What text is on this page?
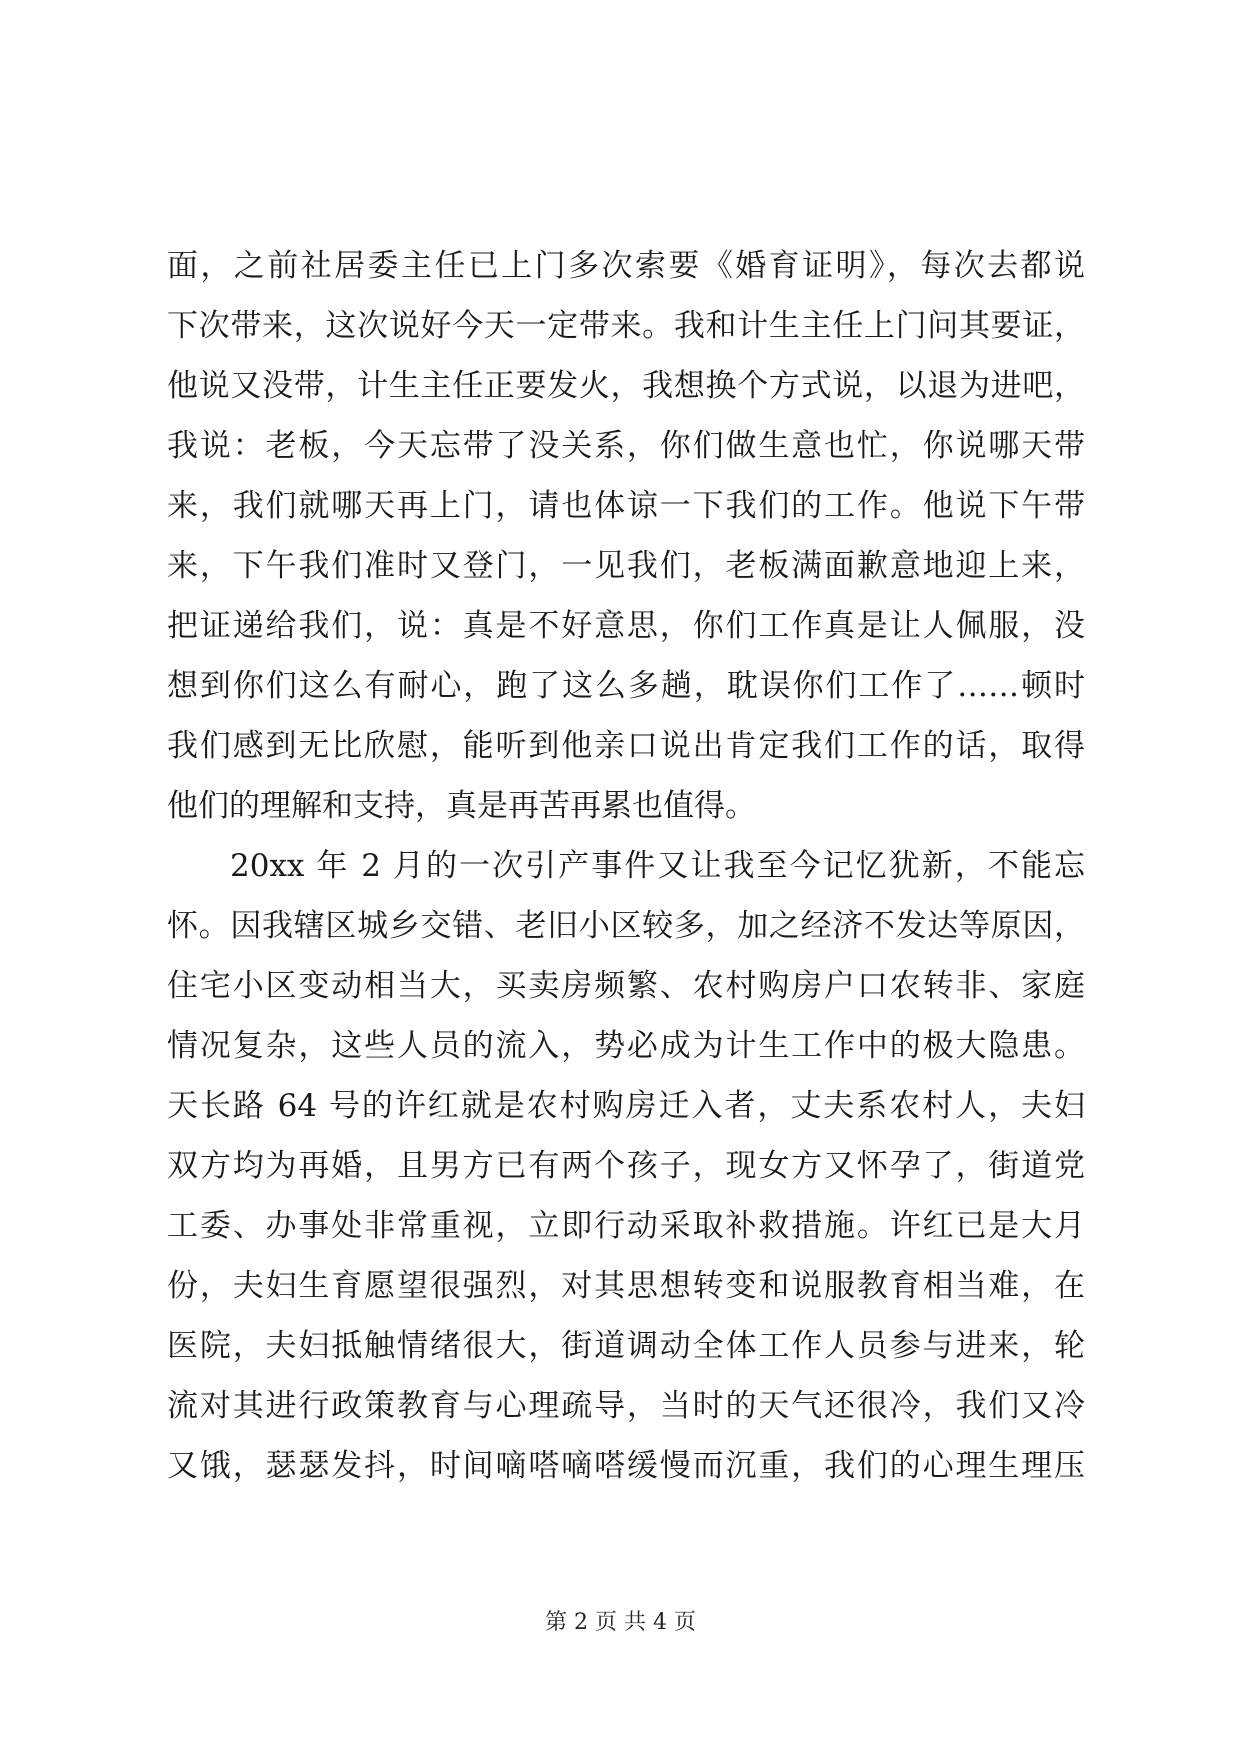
面，之前社居委主任已上门多次索要《婚育证明》，每次去都说
下次带来，这次说好今天一定带来。我和计生主任上门问其要证，
他说又没带，计生主任正要发火，我想换个方式说，以退为进吧，
我说：老板，今天忘带了没关系，你们做生意也忙，你说哪天带
来，我们就哪天再上门，请也体谅一下我们的工作。他说下午带
来，下午我们准时又登门，一见我们，老板满面歉意地迎上来，
把证递给我们，说：真是不好意思，你们工作真是让人佩服，没
想到你们这么有耐心，跑了这么多趟，耽误你们工作了……顿时
我们感到无比欣慰，能听到他亲口说出肯定我们工作的话，取得
他们的理解和支持，真是再苦再累也值得。
20xx 年 2 月的一次引产事件又让我至今记忆犹新，不能忘
怀。因我辖区城乡交错、老旧小区较多，加之经济不发达等原因，
住宅小区变动相当大，买卖房频繁、农村购房户口农转非、家庭
情况复杂，这些人员的流入，势必成为计生工作中的极大隐患。
天长路 64 号的许红就是农村购房迁入者，丈夫系农村人，夫妇
双方均为再婚，且男方已有两个孩子，现女方又怀孕了，街道党
工委、办事处非常重视，立即行动采取补救措施。许红已是大月
份，夫妇生育愿望很强烈，对其思想转变和说服教育相当难，在
医院，夫妇抵触情绪很大，街道调动全体工作人员参与进来，轮
流对其进行政策教育与心理疏导，当时的天气还很冷，我们又冷
又饿，瑟瑟发抖，时间嘀嗒嘀嗒缓慢而沉重，我们的心理生理压
第 2 页 共 4 页
